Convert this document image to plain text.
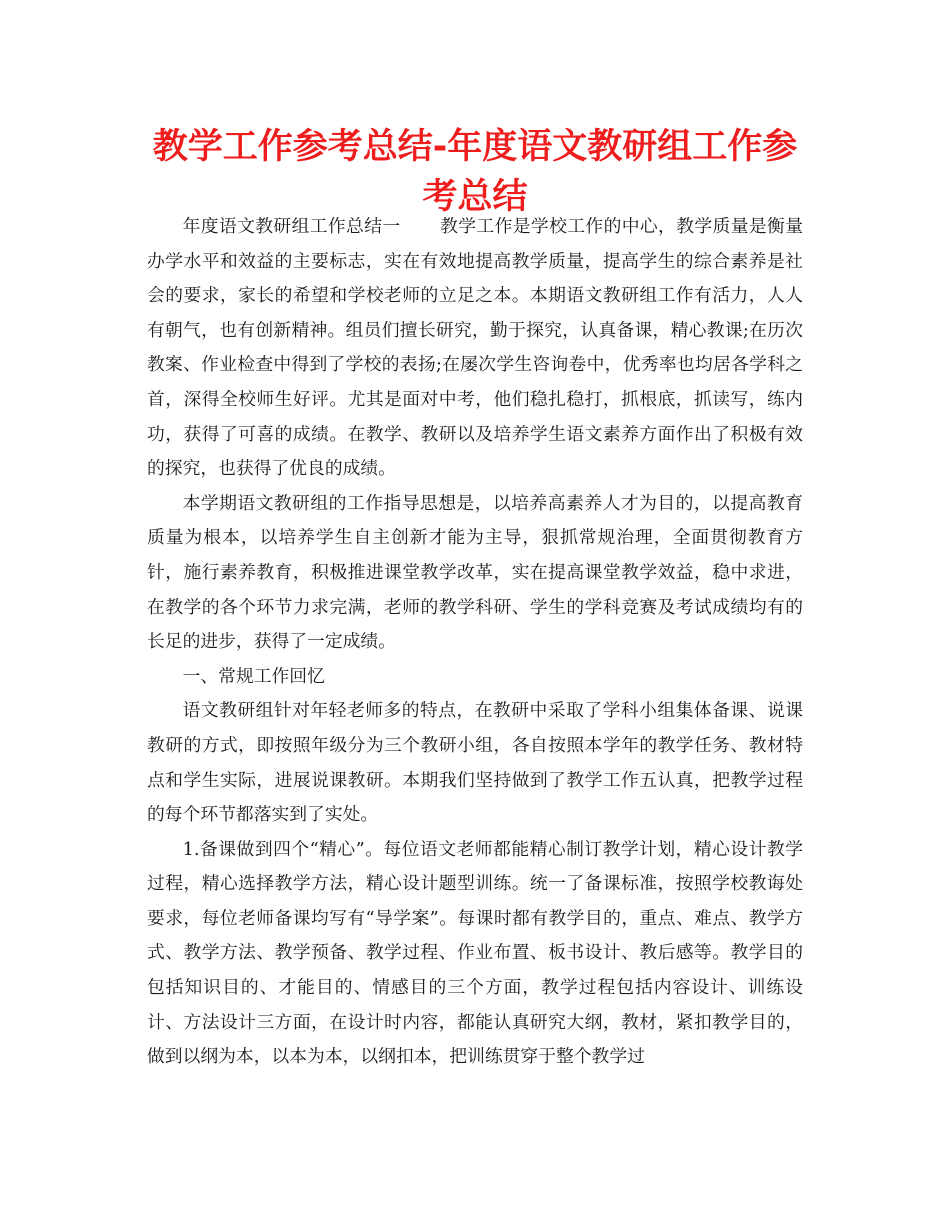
教学工作参考总结-年度语文教研组工作参考总结

年度语文教研组工作总结一 教学工作是学校工作的中心，教学质量是衡量办学水平和效益的主要标志，实在有效地提高教学质量，提高学生的综合素养是社会的要求，家长的希望和学校老师的立足之本。本期语文教研组工作有活力，人人有朝气，也有创新精神。组员们擅长研究，勤于探究，认真备课，精心教课;在历次教案、作业检查中得到了学校的表扬;在屡次学生咨询卷中，优秀率也均居各学科之首，深得全校师生好评。尤其是面对中考，他们稳扎稳打，抓根底，抓读写，练内功，获得了可喜的成绩。在教学、教研以及培养学生语文素养方面作出了积极有效的探究，也获得了优良的成绩。

本学期语文教研组的工作指导思想是，以培养高素养人才为目的，以提高教育质量为根本，以培养学生自主创新才能为主导，狠抓常规治理，全面贯彻教育方针，施行素养教育，积极推进课堂教学改革，实在提高课堂教学效益，稳中求进，在教学的各个环节力求完满，老师的教学科研、学生的学科竞赛及考试成绩均有的长足的进步，获得了一定成绩。

一、常规工作回忆

语文教研组针对年轻老师多的特点，在教研中采取了学科小组集体备课、说课教研的方式，即按照年级分为三个教研小组，各自按照本学年的教学任务、教材特点和学生实际，进展说课教研。本期我们坚持做到了教学工作五认真，把教学过程的每个环节都落实到了实处。

1.备课做到四个“精心”。每位语文老师都能精心制订教学计划，精心设计教学过程，精心选择教学方法，精心设计题型训练。统一了备课标准，按照学校教诲处要求，每位老师备课均写有“导学案”。每课时都有教学目的，重点、难点、教学方式、教学方法、教学预备、教学过程、作业布置、板书设计、教后感等。教学目的包括知识目的、才能目的、情感目的三个方面，教学过程包括内容设计、训练设计、方法设计三方面，在设计时内容，都能认真研究大纲，教材，紧扣教学目的，做到以纲为本，以本为本，以纲扣本，把训练贯穿于整个教学过
